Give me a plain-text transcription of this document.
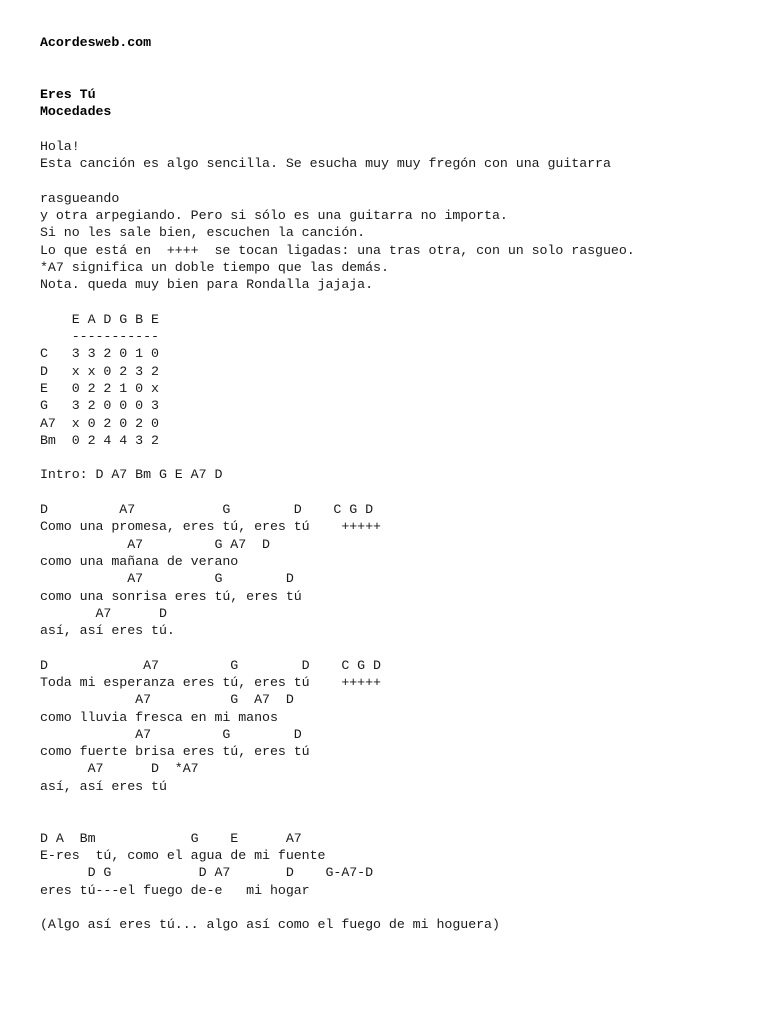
Acordesweb.com
Eres Tú
Mocedades
Hola!
Esta canción es algo sencilla. Se esucha muy muy fregón con una guitarra
rasgueando
y otra arpegiando. Pero si sólo es una guitarra no importa.
Si no les sale bien, escuchen la canción.
Lo que está en  ++++  se tocan ligadas: una tras otra, con un solo rasgueo.
*A7 significa un doble tiempo que las demás.
Nota. queda muy bien para Rondalla jajaja.
E A D G B E
-----------
C   3 3 2 0 1 0
D   x x 0 2 3 2
E   0 2 2 1 0 x
G   3 2 0 0 0 3
A7  x 0 2 0 2 0
Bm  0 2 4 4 3 2
Intro: D A7 Bm G E A7 D
D         A7           G        D    C G D
Como una promesa, eres tú, eres tú    +++++
A7         G A7  D
como una mañana de verano
A7         G        D
como una sonrisa eres tú, eres tú
A7      D
así, así eres tú.
D            A7         G        D    C G D
Toda mi esperanza eres tú, eres tú    +++++
A7          G  A7  D
como lluvia fresca en mi manos
A7         G        D
como fuerte brisa eres tú, eres tú
A7      D  *A7
así, así eres tú
D A  Bm            G    E      A7
E-res  tú, como el agua de mi fuente
D G           D A7       D    G-A7-D
eres tú---el fuego de-e   mi hogar
(Algo así eres tú... algo así como el fuego de mi hoguera)
